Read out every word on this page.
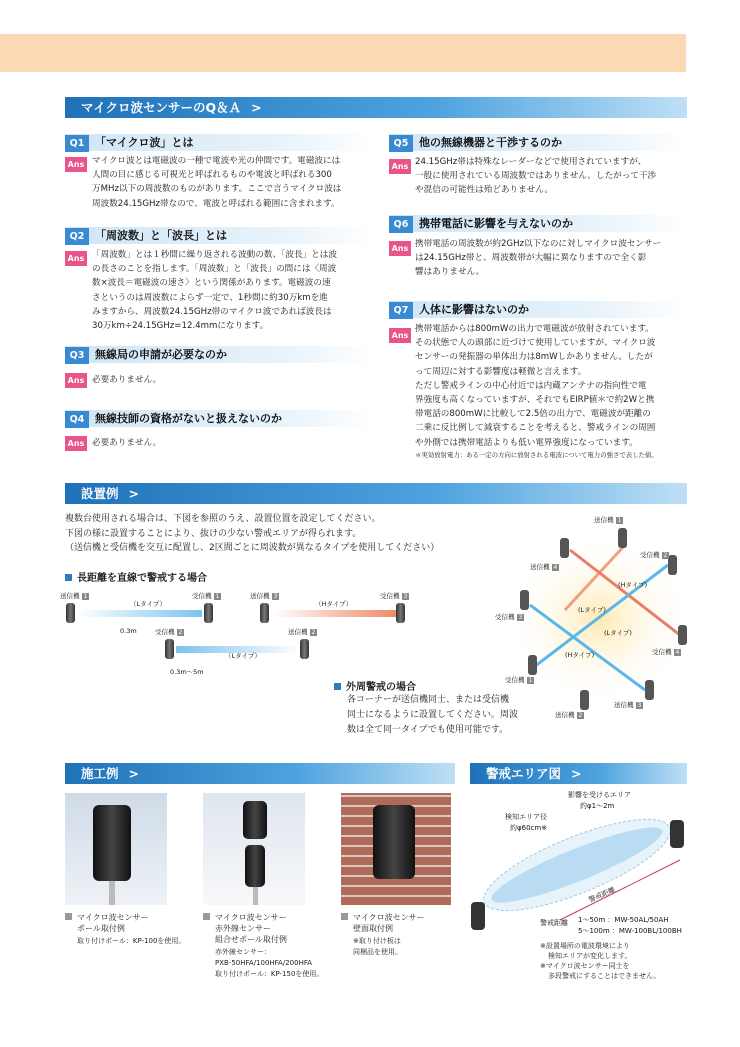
マイクロ波センサーのQ＆Ａ >
Q1 「マイクロ波」とは
Ans マイクロ波とは電磁波の一種で電波や光の仲間です。電磁波には
人間の目に感じる可視光と呼ばれるものや電波と呼ばれる300
万MHz以下の周波数のものがあります。ここで言うマイクロ波は
周波数24.15GHz帯なので、電波と呼ばれる範囲に含まれます。
Q2 「周波数」と「波長」とは
Ans 「周波数」とは１秒間に繰り返される波動の数、「波長」とは波
の長さのことを指します。「周波数」と「波長」の間には〈周波
数×波長＝電磁波の速さ〉という関係があります。電磁波の速
さというのは周波数によらず一定で、1秒間に約30万kmを進
みますから、周波数24.15GHz帯のマイクロ波であれば波長は
30万km÷24.15GHz=12.4mmになります。
Q3 無線局の申請が必要なのか
Ans 必要ありません。
Q4 無線技師の資格がないと扱えないのか
Ans 必要ありません。
Q5 他の無線機器と干渉するのか
Ans 24.15GHz帯は特殊なレーダーなどで使用されていますが、
一般に使用されている周波数ではありません。したがって干渉
や混信の可能性は殆どありません。
Q6 携帯電話に影響を与えないのか
Ans 携帯電話の周波数が約2GHz以下なのに対しマイクロ波センサー
は24.15GHz帯と、周波数帯が大幅に異なりますので全く影
響はありません。
Q7 人体に影響はないのか
Ans
携帯電話からは800mWの出力で電磁波が放射されています。
その状態で人の頭部に近づけて使用していますが、マイクロ波
センサーの発振器の単体出力は8mWしかありません。したが
って周辺に対する影響度は軽微と言えます。
ただし警戒ラインの中心付近では内蔵アンテナの指向性で電
界強度も高くなっていますが、それでもEIRP値＊で約2Wと携
帯電話の800mWに比較して2.5倍の出力で、電磁波が距離の
二乗に反比例して減衰することを考えると、警戒ラインの周囲
や外側では携帯電話よりも低い電界強度になっています。
＊実効放射電力：ある一定の方向に放射される電波について電力の強さで表した値。
設置例 >
複数台使用される場合は、下図を参照のうえ、設置位置を設定してください。
下図の様に設置することにより、抜けの少ない警戒エリアが得られます。
（送信機と受信機を交互に配置し、2区間ごとに周波数が異なるタイプを使用してください）
長距離を直線で警戒する場合
送信機 1
（Lタイプ）
受信機 1
0.3m	受信機 2
（Lタイプ）
0.3m〜5m
送信機 3
（Hタイプ）
受信機 3
送信機 2
外周警戒の場合
各コーナーが送信機同士、または受信機
同士になるように設置してください。周波
数は全て同一タイプでも使用可能です。
送信機 1
受信機 2
送信機 4
受信機 3
受信機 4
受信機 1
送信機 3
送信機 2
(Hタイプ)
(Lタイプ)
(Lタイプ)
(Hタイプ)
施工例 >
マイクロ波センサー
ポール取付例
取り付けポール：KP-100を使用。
マイクロ波センサー
赤外線センサー
組合せポール取付例
赤外線センサー：
PXB-50HFA/100HFA/200HFA
取り付けポール：KP-150を使用。
マイクロ波センサー
壁面取付例
※取り付け板は
同梱品を使用。
警戒エリア図 >
影響を受けるエリア
約φ1〜2m
検知エリア径
約φ60cm※
警戒距離
警戒距離 1〜50m ：MW-50AL/50AH
5〜100m ：MW-100BL/100BH
※設置場所の電波環境により
検知エリアが変化します。
※マイクロ波センサー同士を
多段警戒にすることはできません。
